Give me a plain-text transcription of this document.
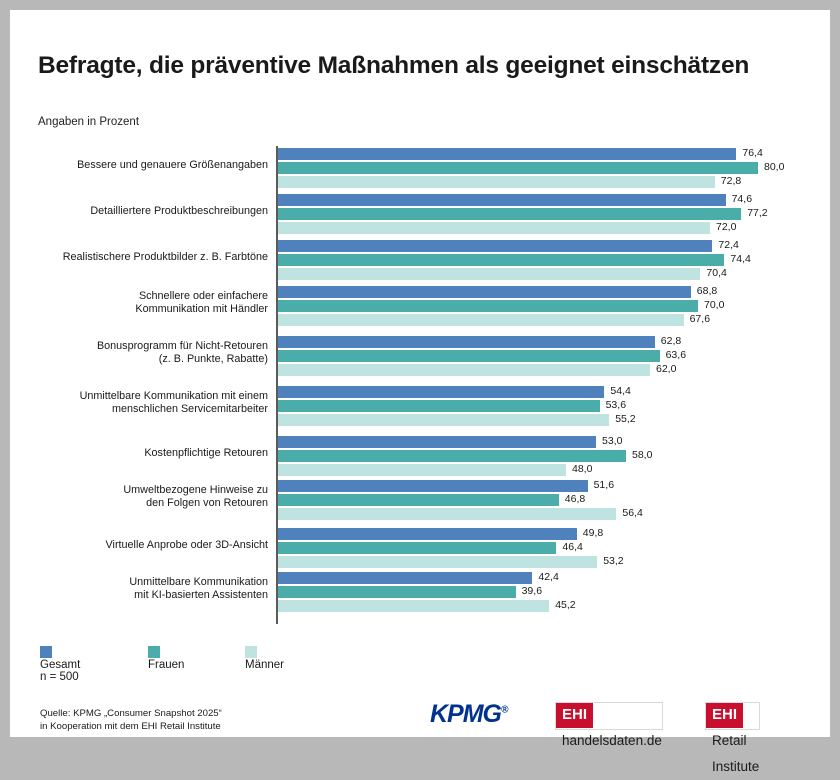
Befragte, die präventive Maßnahmen als geeignet einschätzen
Angaben in Prozent
Bessere und genauere Größenangaben
76,4
80,0
72,8
Detailliertere Produktbeschreibungen
74,6
77,2
72,0
Realistischere Produktbilder z. B. Farbtöne
72,4
74,4
70,4
Schnellere oder einfachere
Kommunikation mit Händler
68,8
70,0
67,6
Bonusprogramm für Nicht-Retouren
(z. B. Punkte, Rabatte)
62,8
63,6
62,0
Unmittelbare Kommunikation mit einem
menschlichen Servicemitarbeiter
54,4
53,6
55,2
Kostenpflichtige Retouren
53,0
58,0
48,0
Umweltbezogene Hinweise zu
den Folgen von Retouren
51,6
46,8
56,4
Virtuelle Anprobe oder 3D-Ansicht
49,8
46,4
53,2
Unmittelbare Kommunikation
mit KI-basierten Assistenten
42,4
39,6
45,2
Gesamt	Frauen	Männer
n = 500
Quelle: KPMG „Consumer Snapshot 2025“
in Kooperation mit dem EHI Retail Institute	KPMG®	EHIhandelsdaten.de
EHIRetail Institute
